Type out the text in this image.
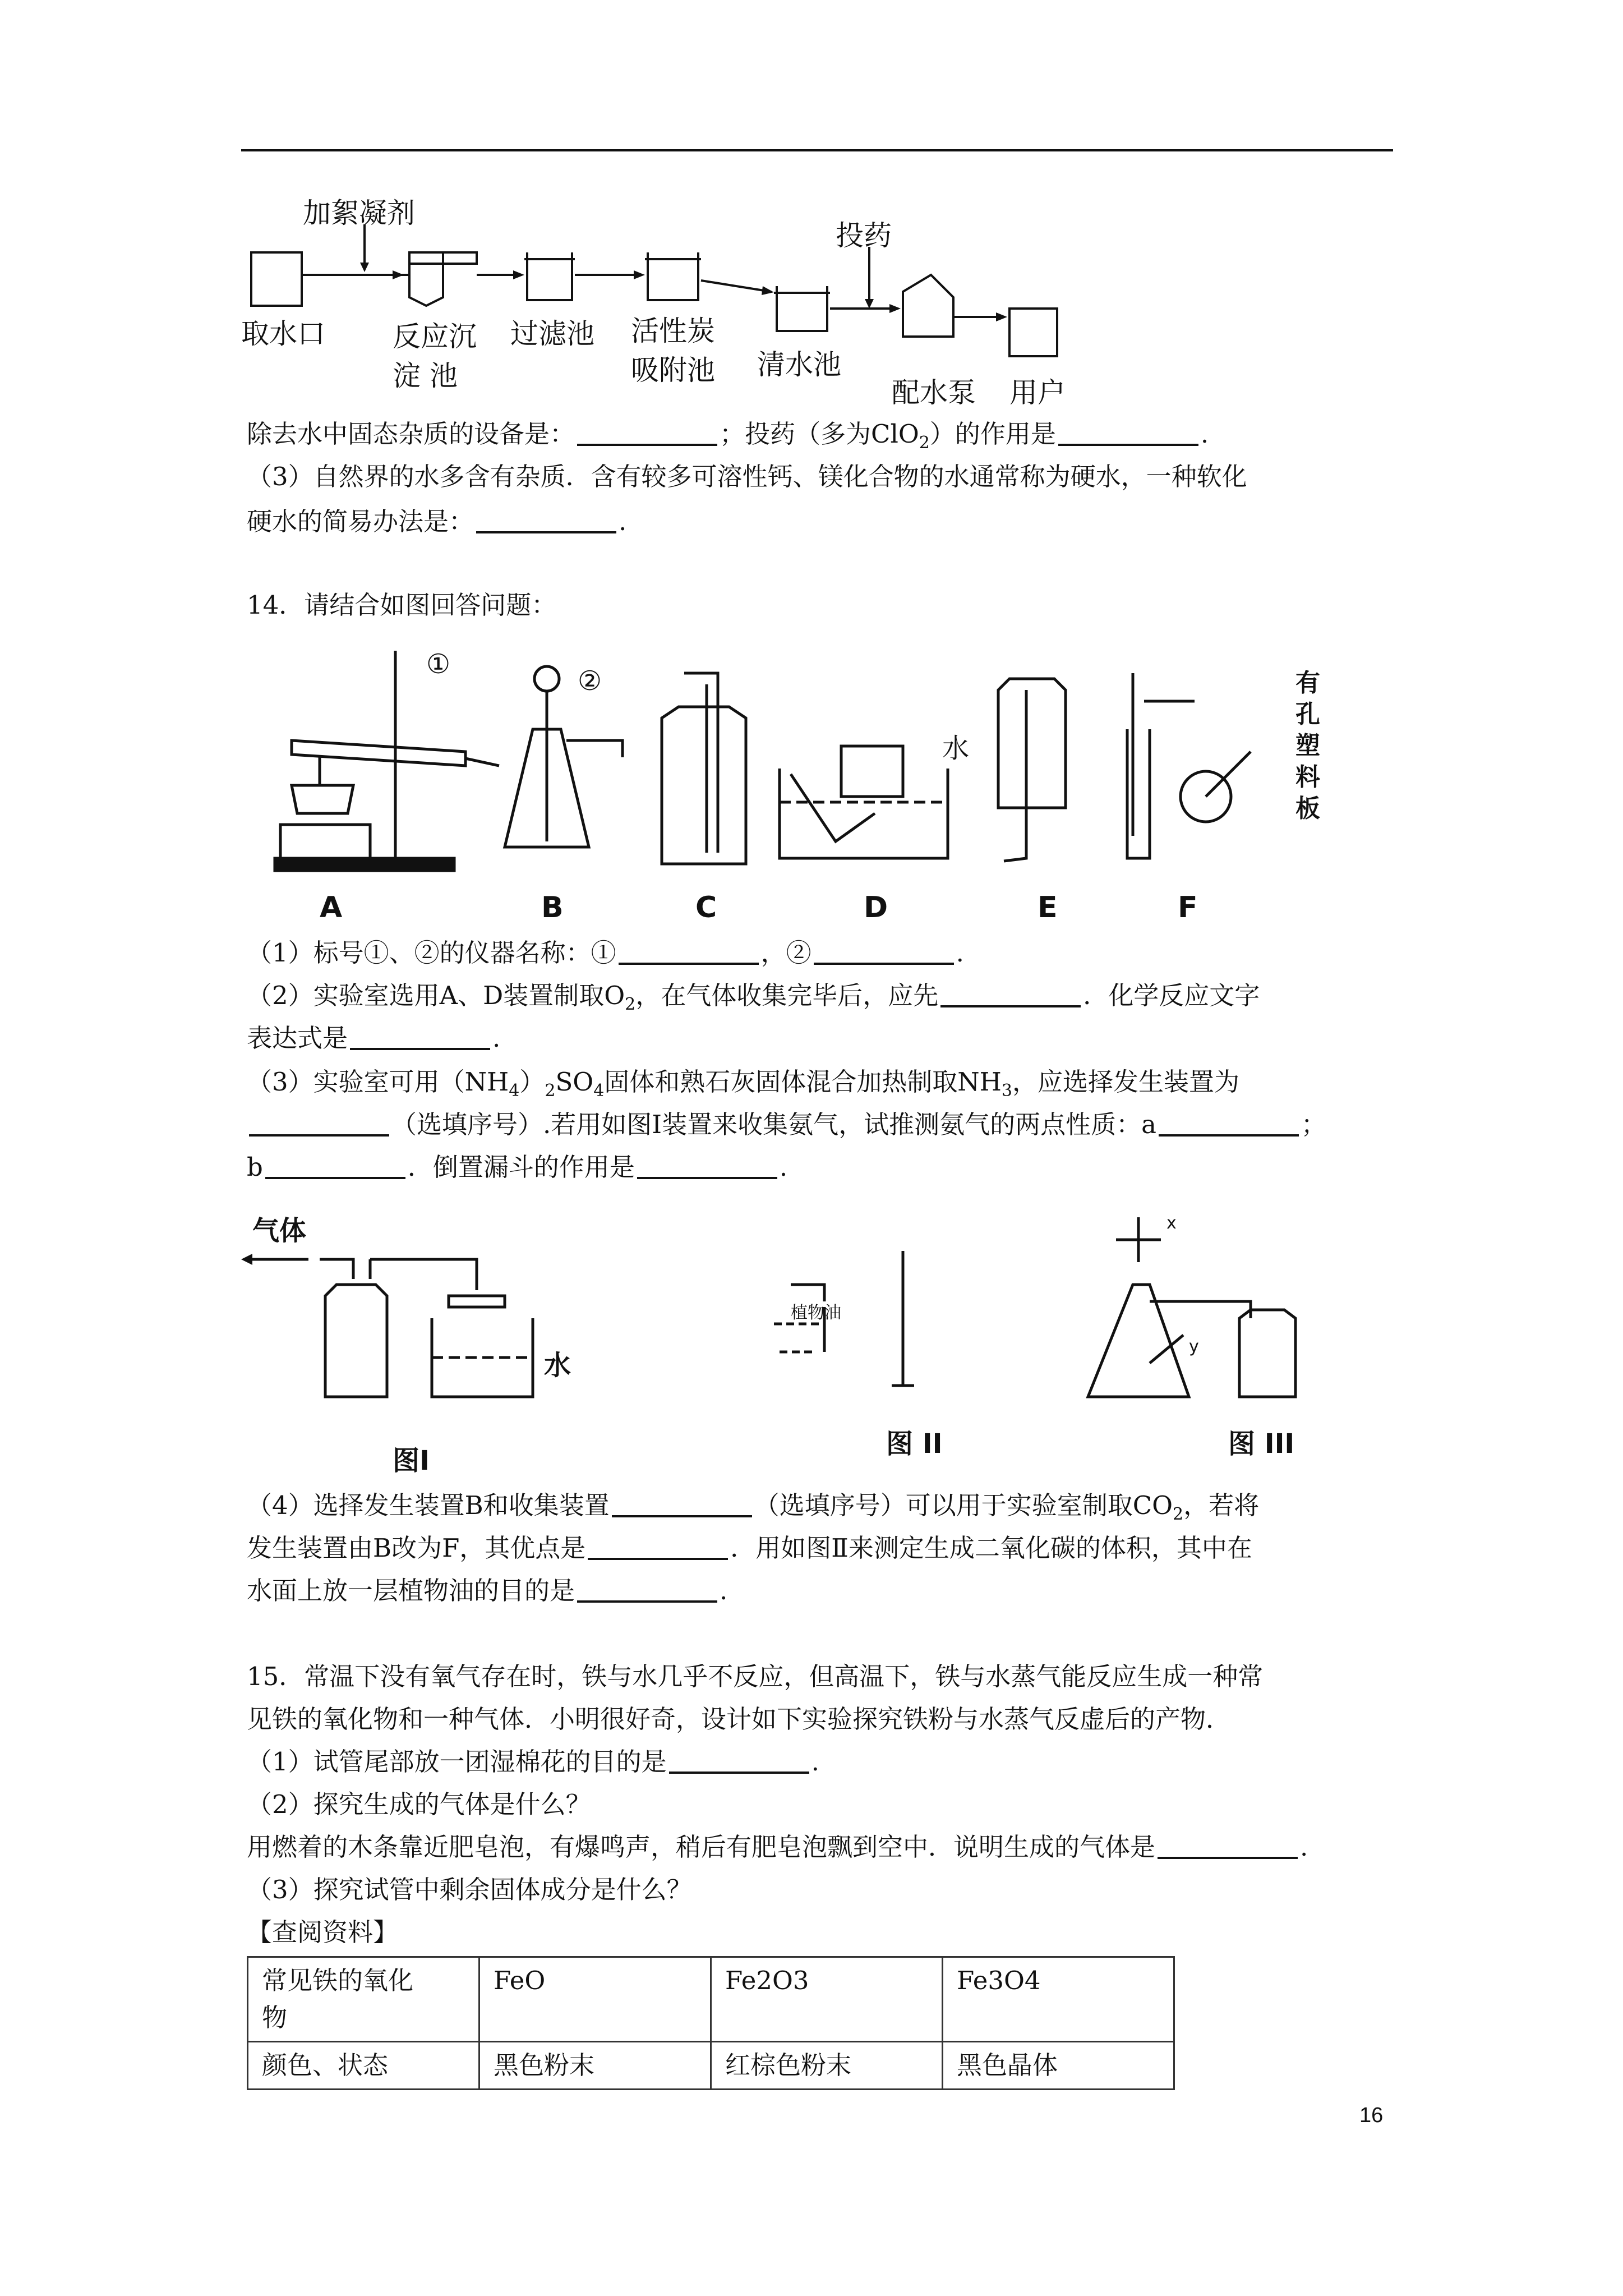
加絮凝剂
投药
取水口 反应沉
淀 池
过滤池 活性炭
吸附池 清水池
配水泵 用户
除去水中固态杂质的设备是：	；投药（多为ClO$_2$）的作用是	.
（3）自然界的水多含有杂质．含有较多可溶性钙、镁化合物的水通常称为硬水，一种软化
硬水的简易办法是：	.
14．请结合如图回答问题：
A	B	C	D	E	F
①
②
水
有
孔
塑
料
板
（1）标号①、②的仪器名称：①	，②	.
（2）实验室选用A、D装置制取$O_2$，在气体收集完毕后，应先	．化学反应文字
表达式是	.
（3）实验室可用$(NH_4)_2SO_4$固体和熟石灰固体混合加热制取$NH_3$，应选择发生装置为
（选填序号）.若用如图Ⅰ装置来收集氨气，试推测氨气的两点性质：a	；
b	．倒置漏斗的作用是	.
气体
水
图I
图 II	图 III
植物油
x
y
（4）选择发生装置B和收集装置	（选填序号）可以用于实验室制取$CO_2$，若将
发生装置由B改为F，其优点是	．用如图Ⅱ来测定生成二氧化碳的体积，其中在
水面上放一层植物油的目的是	.
15．常温下没有氧气存在时，铁与水几乎不反应，但高温下，铁与水蒸气能反应生成一种常
见铁的氧化物和一种气体．小明很好奇，设计如下实验探究铁粉与水蒸气反虚后的产物．
（1）试管尾部放一团湿棉花的目的是	.
（2）探究生成的气体是什么？
用燃着的木条靠近肥皂泡，有爆鸣声，稍后有肥皂泡飘到空中．说明生成的气体是	.
（3）探究试管中剩余固体成分是什么？
【查阅资料】
常见铁的氧化
物	FeO	Fe2O3	Fe3O4
颜色、状态	黑色粉末	红棕色粉末	黑色晶体
16
